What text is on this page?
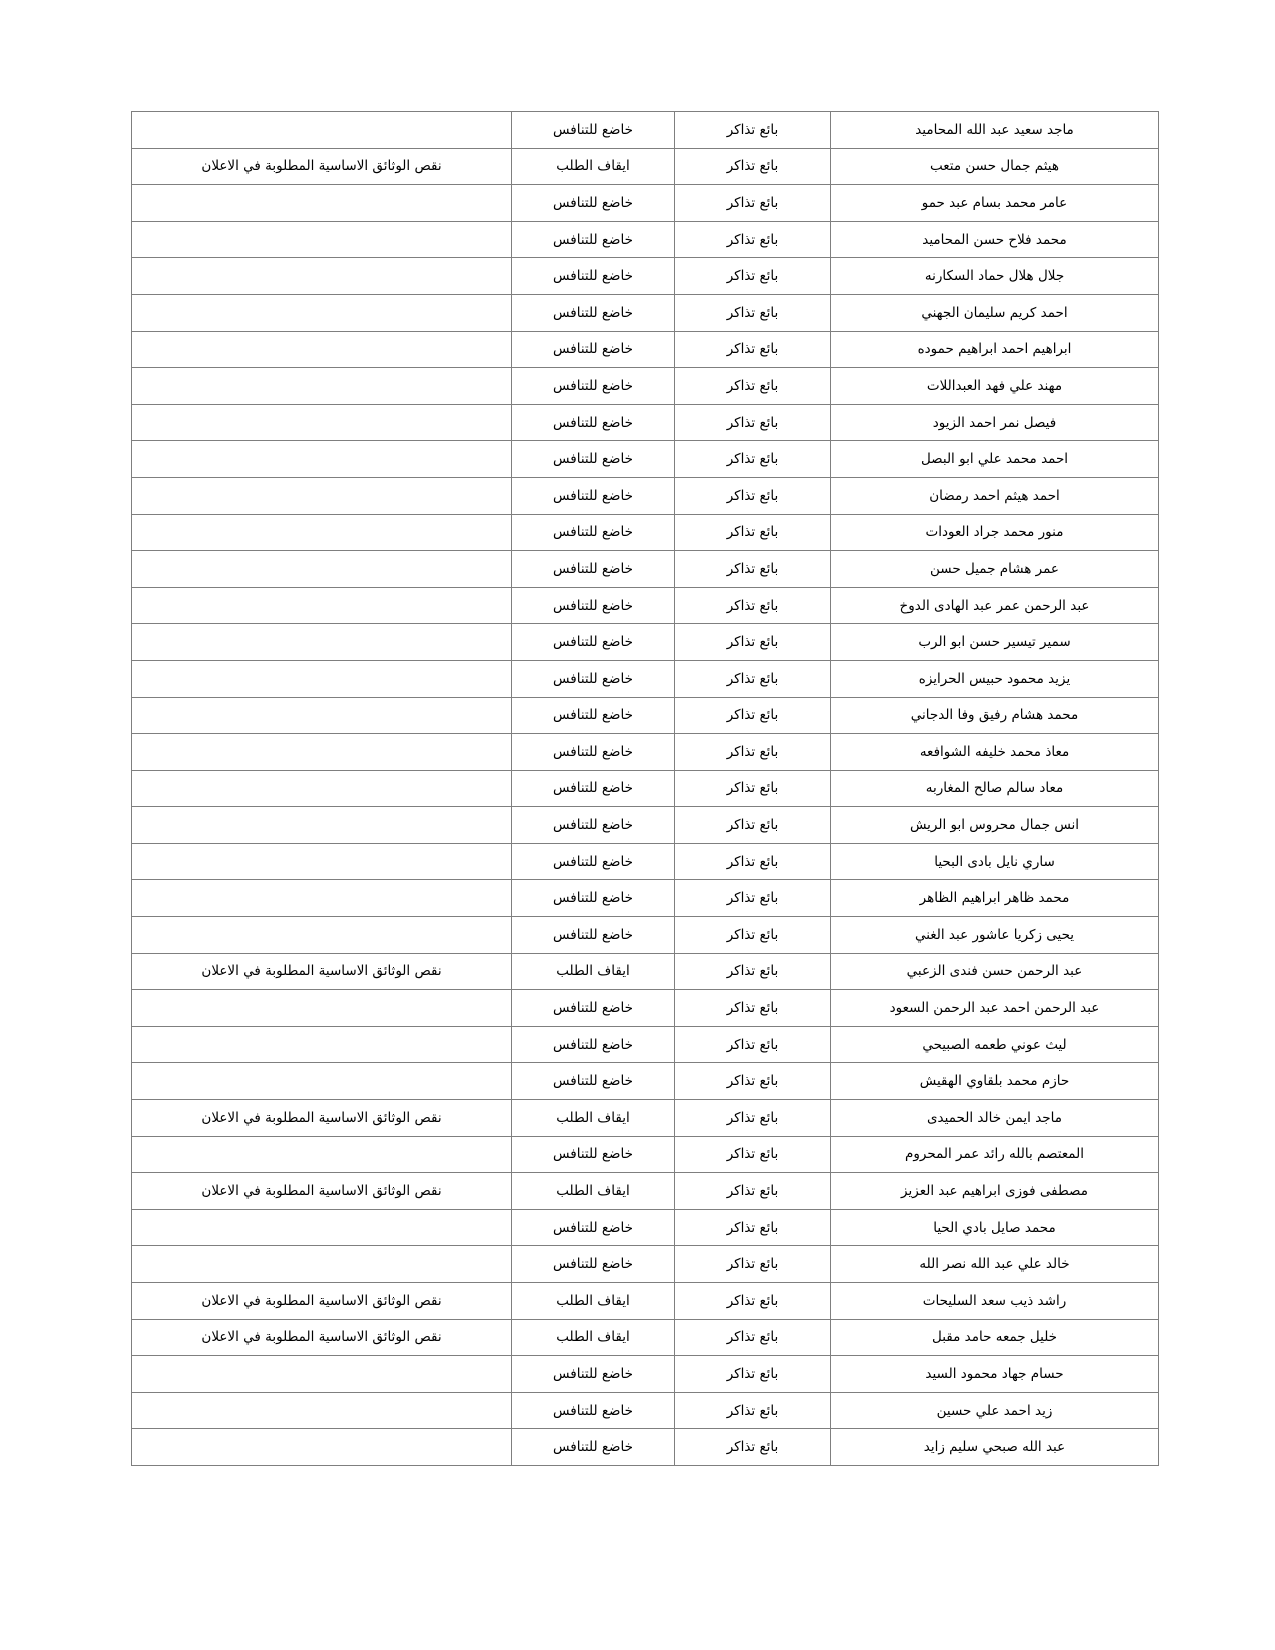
ماجد سعيد عبد الله المحاميد	بائع تذاكر	خاضع للتنافس	
هيثم جمال حسن متعب	بائع تذاكر	ايقاف الطلب	نقص الوثائق الاساسية المطلوبة في الاعلان
عامر محمد بسام عبد حمو	بائع تذاكر	خاضع للتنافس	
محمد فلاح حسن المحاميد	بائع تذاكر	خاضع للتنافس	
جلال هلال حماد السكارنه	بائع تذاكر	خاضع للتنافس	
احمد كريم سليمان الجهني	بائع تذاكر	خاضع للتنافس	
ابراهيم احمد ابراهيم حموده	بائع تذاكر	خاضع للتنافس	
مهند علي فهد العبداللات	بائع تذاكر	خاضع للتنافس	
فيصل نمر احمد الزيود	بائع تذاكر	خاضع للتنافس	
احمد محمد علي ابو البصل	بائع تذاكر	خاضع للتنافس	
احمد هيثم احمد رمضان	بائع تذاكر	خاضع للتنافس	
منور محمد جراد العودات	بائع تذاكر	خاضع للتنافس	
عمر هشام جميل حسن	بائع تذاكر	خاضع للتنافس	
عبد الرحمن عمر عبد الهادى الدوخ	بائع تذاكر	خاضع للتنافس	
سمير تيسير حسن ابو الرب	بائع تذاكر	خاضع للتنافس	
يزيد محمود حبيس الحرايزه	بائع تذاكر	خاضع للتنافس	
محمد هشام رفيق وفا الدجاني	بائع تذاكر	خاضع للتنافس	
معاذ محمد خليفه الشوافعه	بائع تذاكر	خاضع للتنافس	
معاد سالم صالح المغاربه	بائع تذاكر	خاضع للتنافس	
انس جمال محروس ابو الريش	بائع تذاكر	خاضع للتنافس	
ساري نايل بادى البحيا	بائع تذاكر	خاضع للتنافس	
محمد ظاهر ابراهيم الظاهر	بائع تذاكر	خاضع للتنافس	
يحيى زكريا عاشور عبد الغني	بائع تذاكر	خاضع للتنافس	
عبد الرحمن حسن فندى الزعبي	بائع تذاكر	ايقاف الطلب	نقص الوثائق الاساسية المطلوبة في الاعلان
عبد الرحمن احمد عبد الرحمن السعود	بائع تذاكر	خاضع للتنافس	
ليث عوني طعمه الصبيحي	بائع تذاكر	خاضع للتنافس	
حازم محمد بلقاوي الهقيش	بائع تذاكر	خاضع للتنافس	
ماجد ايمن خالد الحميدى	بائع تذاكر	ايقاف الطلب	نقص الوثائق الاساسية المطلوبة في الاعلان
المعتصم بالله رائد عمر المحروم	بائع تذاكر	خاضع للتنافس	
مصطفى فوزى ابراهيم عبد العزيز	بائع تذاكر	ايقاف الطلب	نقص الوثائق الاساسية المطلوبة في الاعلان
محمد صايل بادي الحيا	بائع تذاكر	خاضع للتنافس	
خالد علي عبد الله نصر الله	بائع تذاكر	خاضع للتنافس	
راشد ذيب سعد السليحات	بائع تذاكر	ايقاف الطلب	نقص الوثائق الاساسية المطلوبة في الاعلان
خليل جمعه حامد مقبل	بائع تذاكر	ايقاف الطلب	نقص الوثائق الاساسية المطلوبة في الاعلان
حسام جهاد محمود السيد	بائع تذاكر	خاضع للتنافس	
زيد احمد علي حسين	بائع تذاكر	خاضع للتنافس	
عبد الله صبحي سليم زايد	بائع تذاكر	خاضع للتنافس	
